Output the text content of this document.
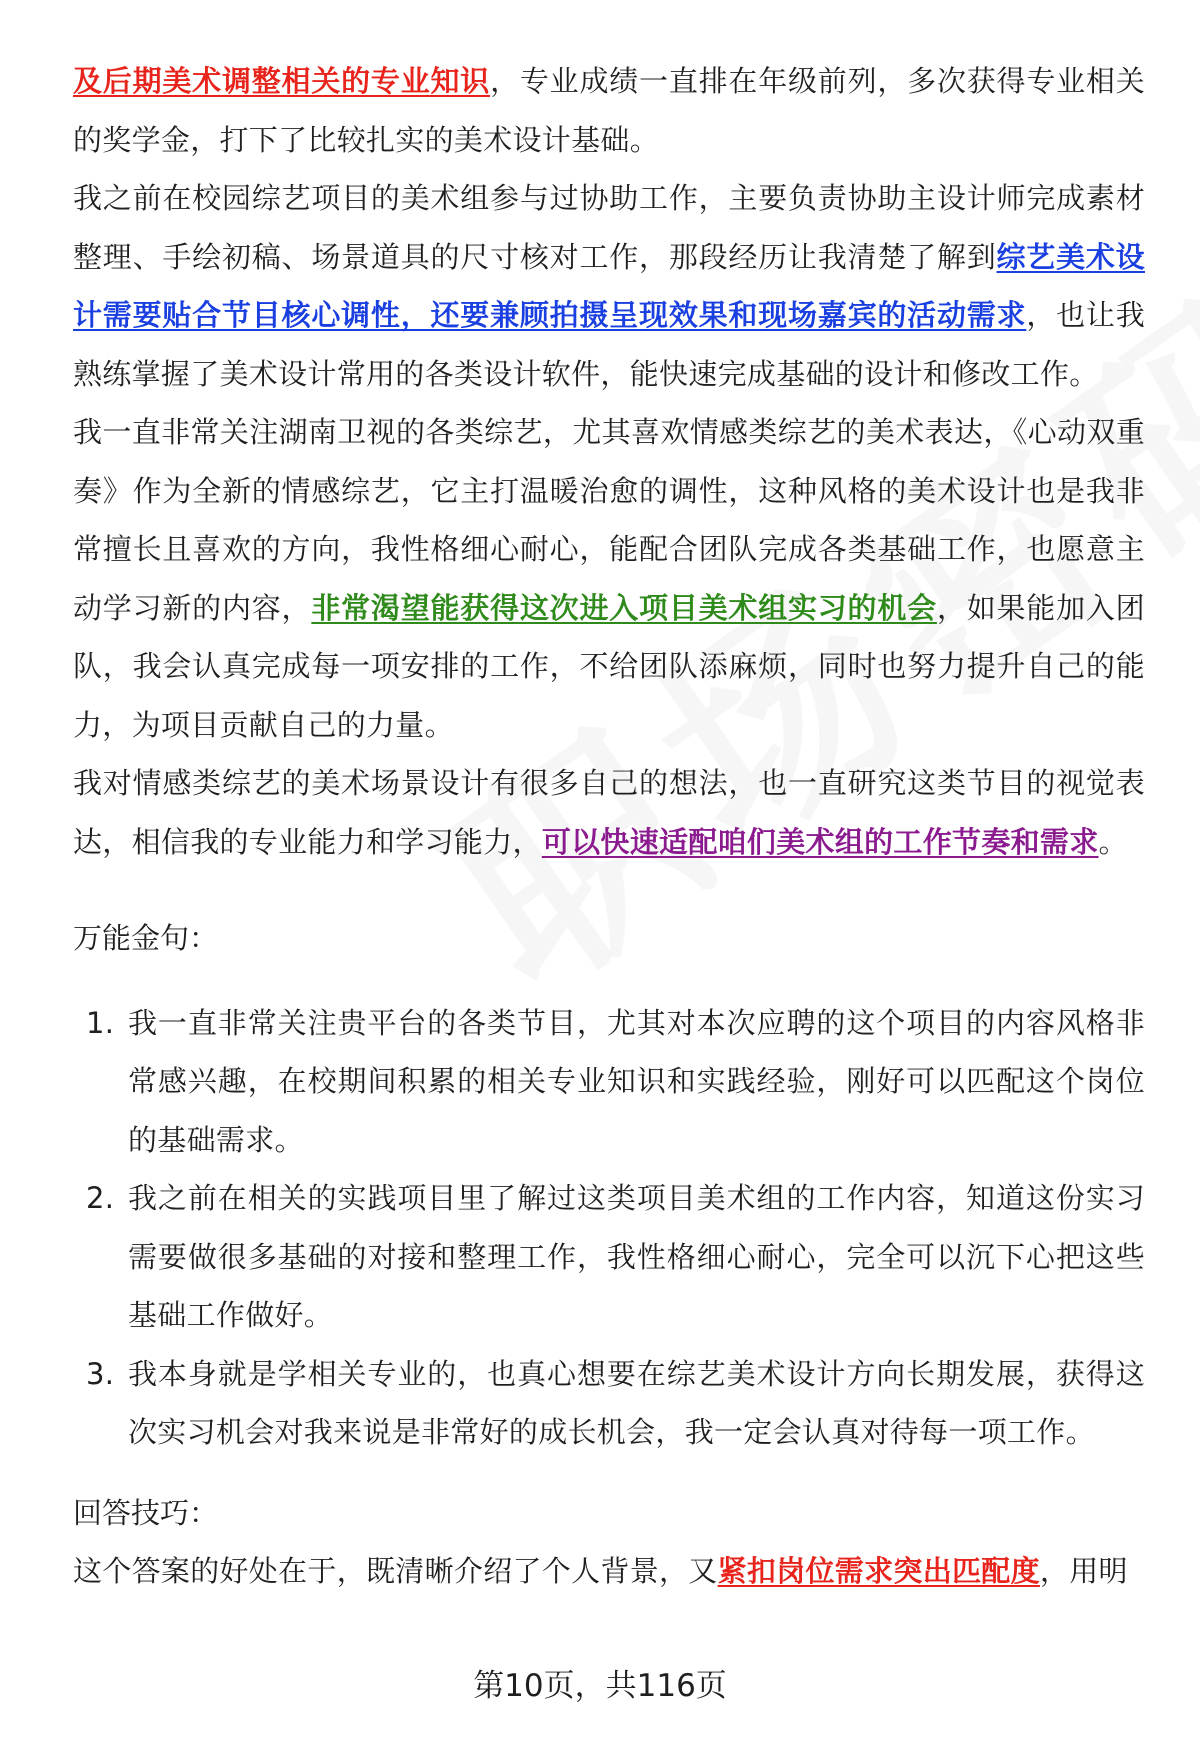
及后期美术调整相关的专业知识，专业成绩一直排在年级前列，多次获得专业相关的奖学金，打下了比较扎实的美术设计基础。

我之前在校园综艺项目的美术组参与过协助工作，主要负责协助主设计师完成素材整理、手绘初稿、场景道具的尺寸核对工作，那段经历让我清楚了解到综艺美术设计需要贴合节目核心调性，还要兼顾拍摄呈现效果和现场嘉宾的活动需求，也让我熟练掌握了美术设计常用的各类设计软件，能快速完成基础的设计和修改工作。

我一直非常关注湖南卫视的各类综艺，尤其喜欢情感类综艺的美术表达，《心动双重奏》作为全新的情感综艺，它主打温暖治愈的调性，这种风格的美术设计也是我非常擅长且喜欢的方向，我性格细心耐心，能配合团队完成各类基础工作，也愿意主动学习新的内容，非常渴望能获得这次进入项目美术组实习的机会，如果能加入团队，我会认真完成每一项安排的工作，不给团队添麻烦，同时也努力提升自己的能力，为项目贡献自己的力量。

我对情感类综艺的美术场景设计有很多自己的想法，也一直研究这类节目的视觉表达，相信我的专业能力和学习能力，可以快速适配咱们美术组的工作节奏和需求。

万能金句：

1. 我一直非常关注贵平台的各类节目，尤其对本次应聘的这个项目的内容风格非常感兴趣，在校期间积累的相关专业知识和实践经验，刚好可以匹配这个岗位的基础需求。
2. 我之前在相关的实践项目里了解过这类项目美术组的工作内容，知道这份实习需要做很多基础的对接和整理工作，我性格细心耐心，完全可以沉下心把这些基础工作做好。
3. 我本身就是学相关专业的，也真心想要在综艺美术设计方向长期发展，获得这次实习机会对我来说是非常好的成长机会，我一定会认真对待每一项工作。

回答技巧：

这个答案的好处在于，既清晰介绍了个人背景，又紧扣岗位需求突出匹配度，用明

第10页，共116页
